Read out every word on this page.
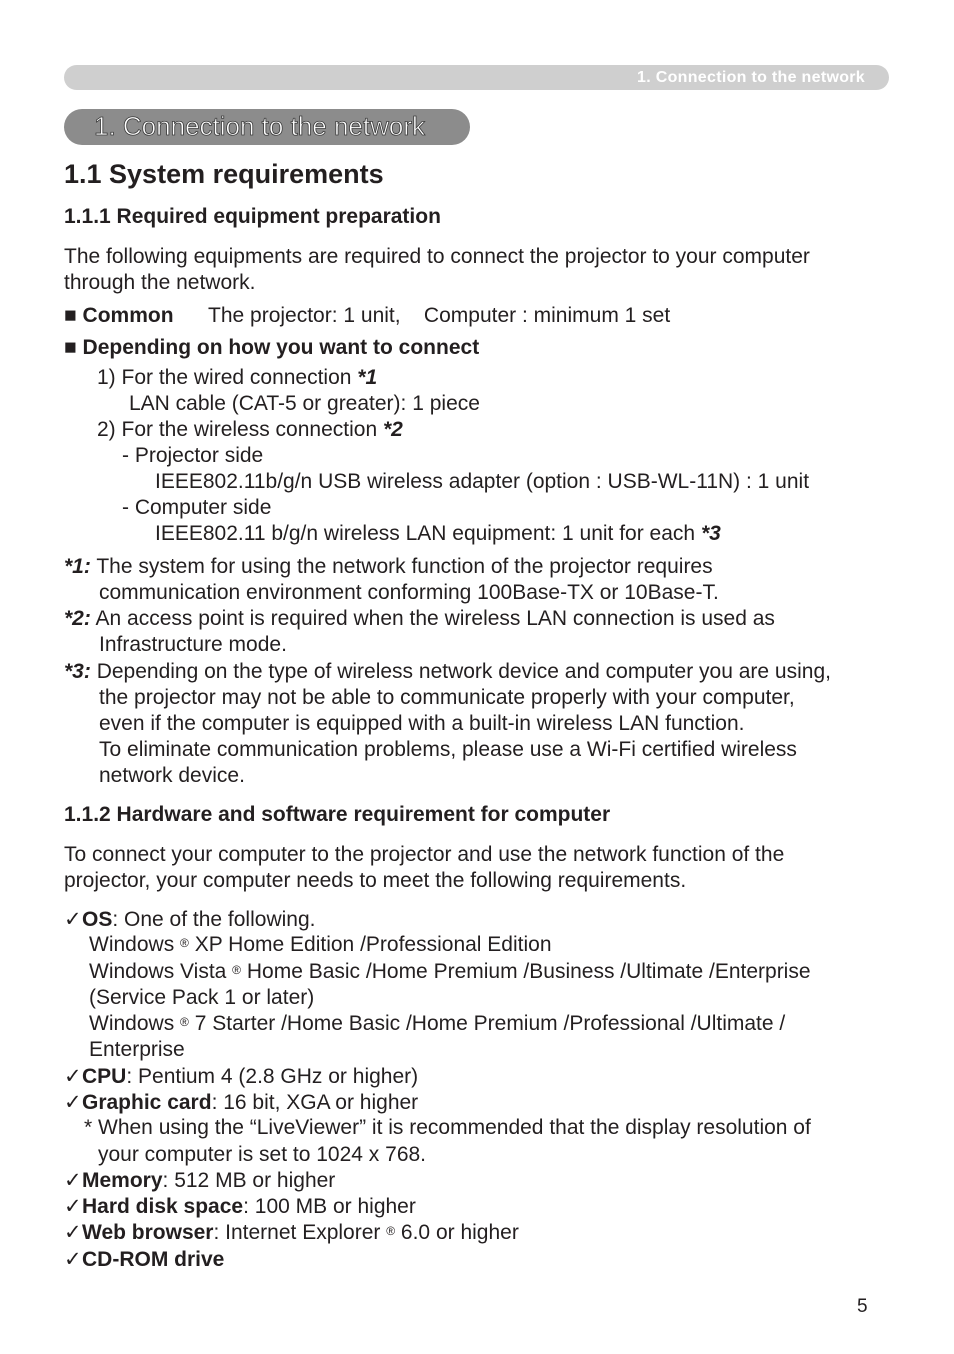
1. Connection to the network
1. Connection to the network
1.1 System requirements
1.1.1 Required equipment preparation
The following equipments are required to connect the projector to your computer
through the network.
■ Common The projector: 1 unit,    Computer : minimum 1 set
■ Depending on how you want to connect
1) For the wired connection *1
LAN cable (CAT-5 or greater): 1 piece
2) For the wireless connection *2
- Projector side
IEEE802.11b/g/n USB wireless adapter (option : USB-WL-11N) : 1 unit
- Computer side
IEEE802.11 b/g/n wireless LAN equipment: 1 unit for each *3
*1: The system for using the network function of the projector requires
communication environment conforming 100Base-TX or 10Base-T.
*2: An access point is required when the wireless LAN connection is used as
Infrastructure mode.
*3: Depending on the type of wireless network device and computer you are using,
the projector may not be able to communicate properly with your computer,
even if the computer is equipped with a built-in wireless LAN function.
To eliminate communication problems, please use a Wi-Fi certified wireless
network device.
1.1.2 Hardware and software requirement for computer
To connect your computer to the projector and use the network function of the
projector, your computer needs to meet the following requirements.
✓OS: One of the following.
Windows ® XP Home Edition /Professional Edition
Windows Vista ® Home Basic /Home Premium /Business /Ultimate /Enterprise
(Service Pack 1 or later)
Windows ® 7 Starter /Home Basic /Home Premium /Professional /Ultimate /
Enterprise
✓CPU: Pentium 4 (2.8 GHz or higher)
✓Graphic card: 16 bit, XGA or higher
* When using the “LiveViewer” it is recommended that the display resolution of
your computer is set to 1024 x 768.
✓Memory: 512 MB or higher
✓Hard disk space: 100 MB or higher
✓Web browser: Internet Explorer ® 6.0 or higher
✓CD-ROM drive
5
